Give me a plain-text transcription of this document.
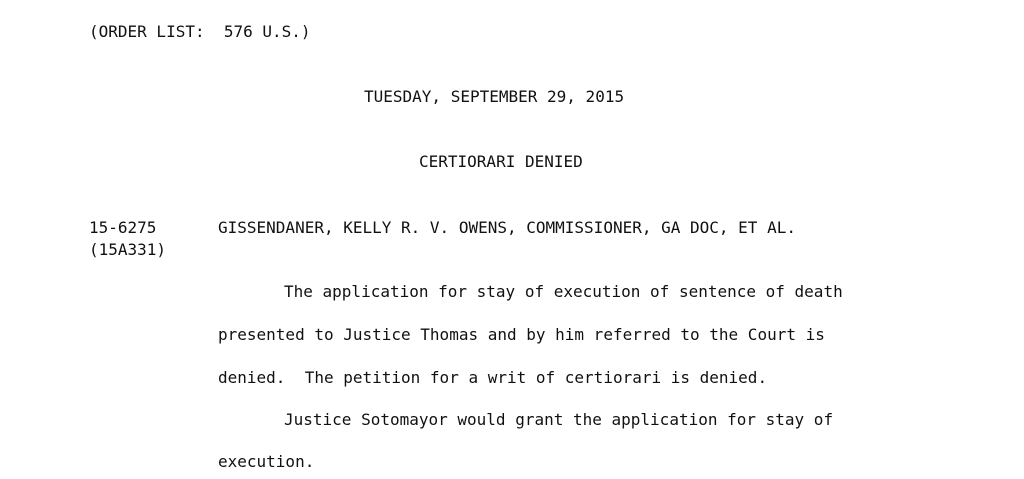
(ORDER LIST:  576 U.S.)
TUESDAY, SEPTEMBER 29, 2015
CERTIORARI DENIED
15-6275
(15A331)
GISSENDANER, KELLY R. V. OWENS, COMMISSIONER, GA DOC, ET AL.
The application for stay of execution of sentence of death
presented to Justice Thomas and by him referred to the Court is
denied.  The petition for a writ of certiorari is denied.
Justice Sotomayor would grant the application for stay of
execution.
